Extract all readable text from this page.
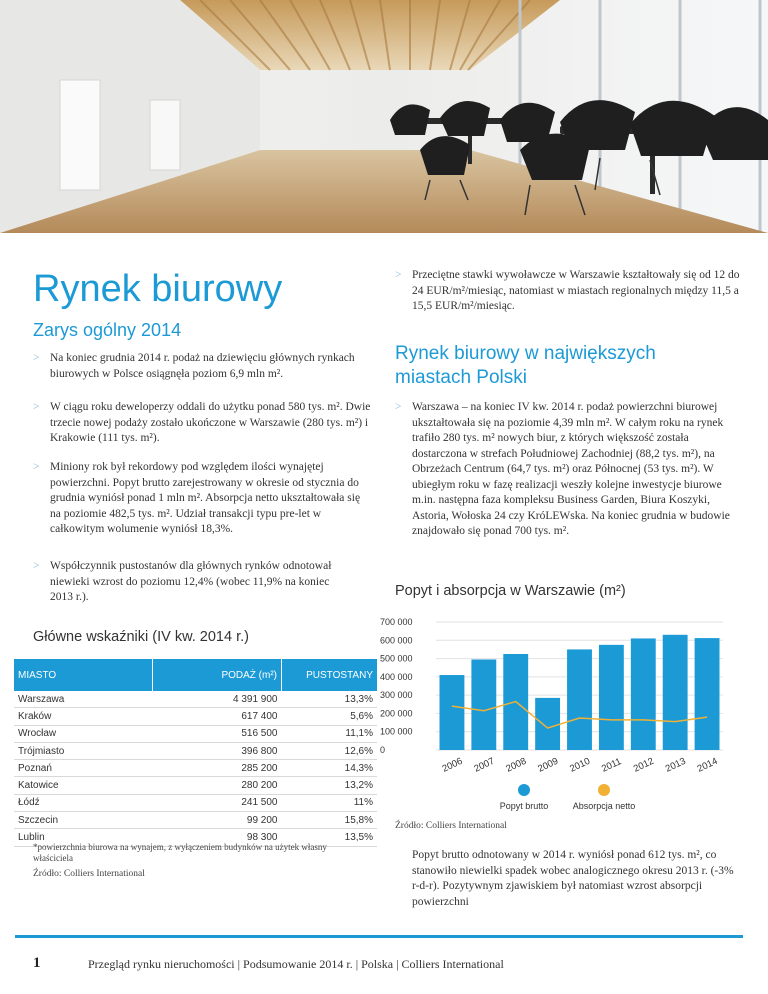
Rynek biurowy
Zarys ogólny 2014
> Na koniec grudnia 2014 r. podaż na dziewięciu głównych rynkach biurowych w Polsce osiągnęła poziom 6,9 mln m².
> W ciągu roku deweloperzy oddali do użytku ponad 580 tys. m². Dwie trzecie nowej podaży zostało ukończone w Warszawie (280 tys. m²) i Krakowie (111 tys. m²).
> Miniony rok był rekordowy pod względem ilości wynajętej powierzchni. Popyt brutto zarejestrowany w okresie od stycznia do grudnia wyniósł ponad 1 mln m². Absorpcja netto ukształtowała się na poziomie 482,5 tys. m². Udział transakcji typu pre-let w całkowitym wolumenie wyniósł 18,3%.
> Współczynnik pustostanów dla głównych rynków odnotował niewieki wzrost do poziomu 12,4% (wobec 11,9% na koniec 2013 r.).
Główne wskaźniki (IV kw. 2014 r.)
MIASTO	PODAŻ (m²)	PUSTOSTANY
Warszawa	4 391 900	13,3%
Kraków	617 400	5,6%
Wrocław	516 500	11,1%
Trójmiasto	396 800	12,6%
Poznań	285 200	14,3%
Katowice	280 200	13,2%
Łódź	241 500	11%
Szczecin	99 200	15,8%
Lublin	98 300	13,5%
*powierzchnia biurowa na wynajem, z wyłączeniem budynków na użytek własny właściciela
Źródło: Colliers International
> Przeciętne stawki wywoławcze w Warszawie kształtowały się od 12 do 24 EUR/m²/miesiąc, natomiast w miastach regionalnych między 11,5 a 15,5 EUR/m²/miesiąc.
Rynek biurowy w największych miastach Polski
> Warszawa – na koniec IV kw. 2014 r. podaż powierzchni biurowej ukształtowała się na poziomie 4,39 mln m². W całym roku na rynek trafiło 280 tys. m² nowych biur, z których większość została dostarczona w strefach Południowej Zachodniej (88,2 tys. m²), na Obrzeżach Centrum (64,7 tys. m²) oraz Północnej (53 tys. m²). W ubiegłym roku w fazę realizacji weszły kolejne inwestycje biurowe m.in. następna faza kompleksu Business Garden, Biura Koszyki, Astoria, Wołoska 24 czy KróLEWska. Na koniec grudnia w budowie znajdowało się ponad 700 tys. m².
Popyt i absorpcja w Warszawie (m²)
0
100 000
200 000
300 000
400 000
500 000
600 000
700 000
2006 2007 2008 2009 2010 2011 2012 2013 2014
Popyt brutto	Absorpcja netto
Źródło: Colliers International
Popyt brutto odnotowany w 2014 r. wyniósł ponad 612 tys. m², co stanowiło niewielki spadek wobec analogicznego okresu 2013 r. (-3% r-d-r). Pozytywnym zjawiskiem był natomiast wzrost absorpcji powierzchni
1	Przegląd rynku nieruchomości | Podsumowanie 2014 r. | Polska | Colliers International
